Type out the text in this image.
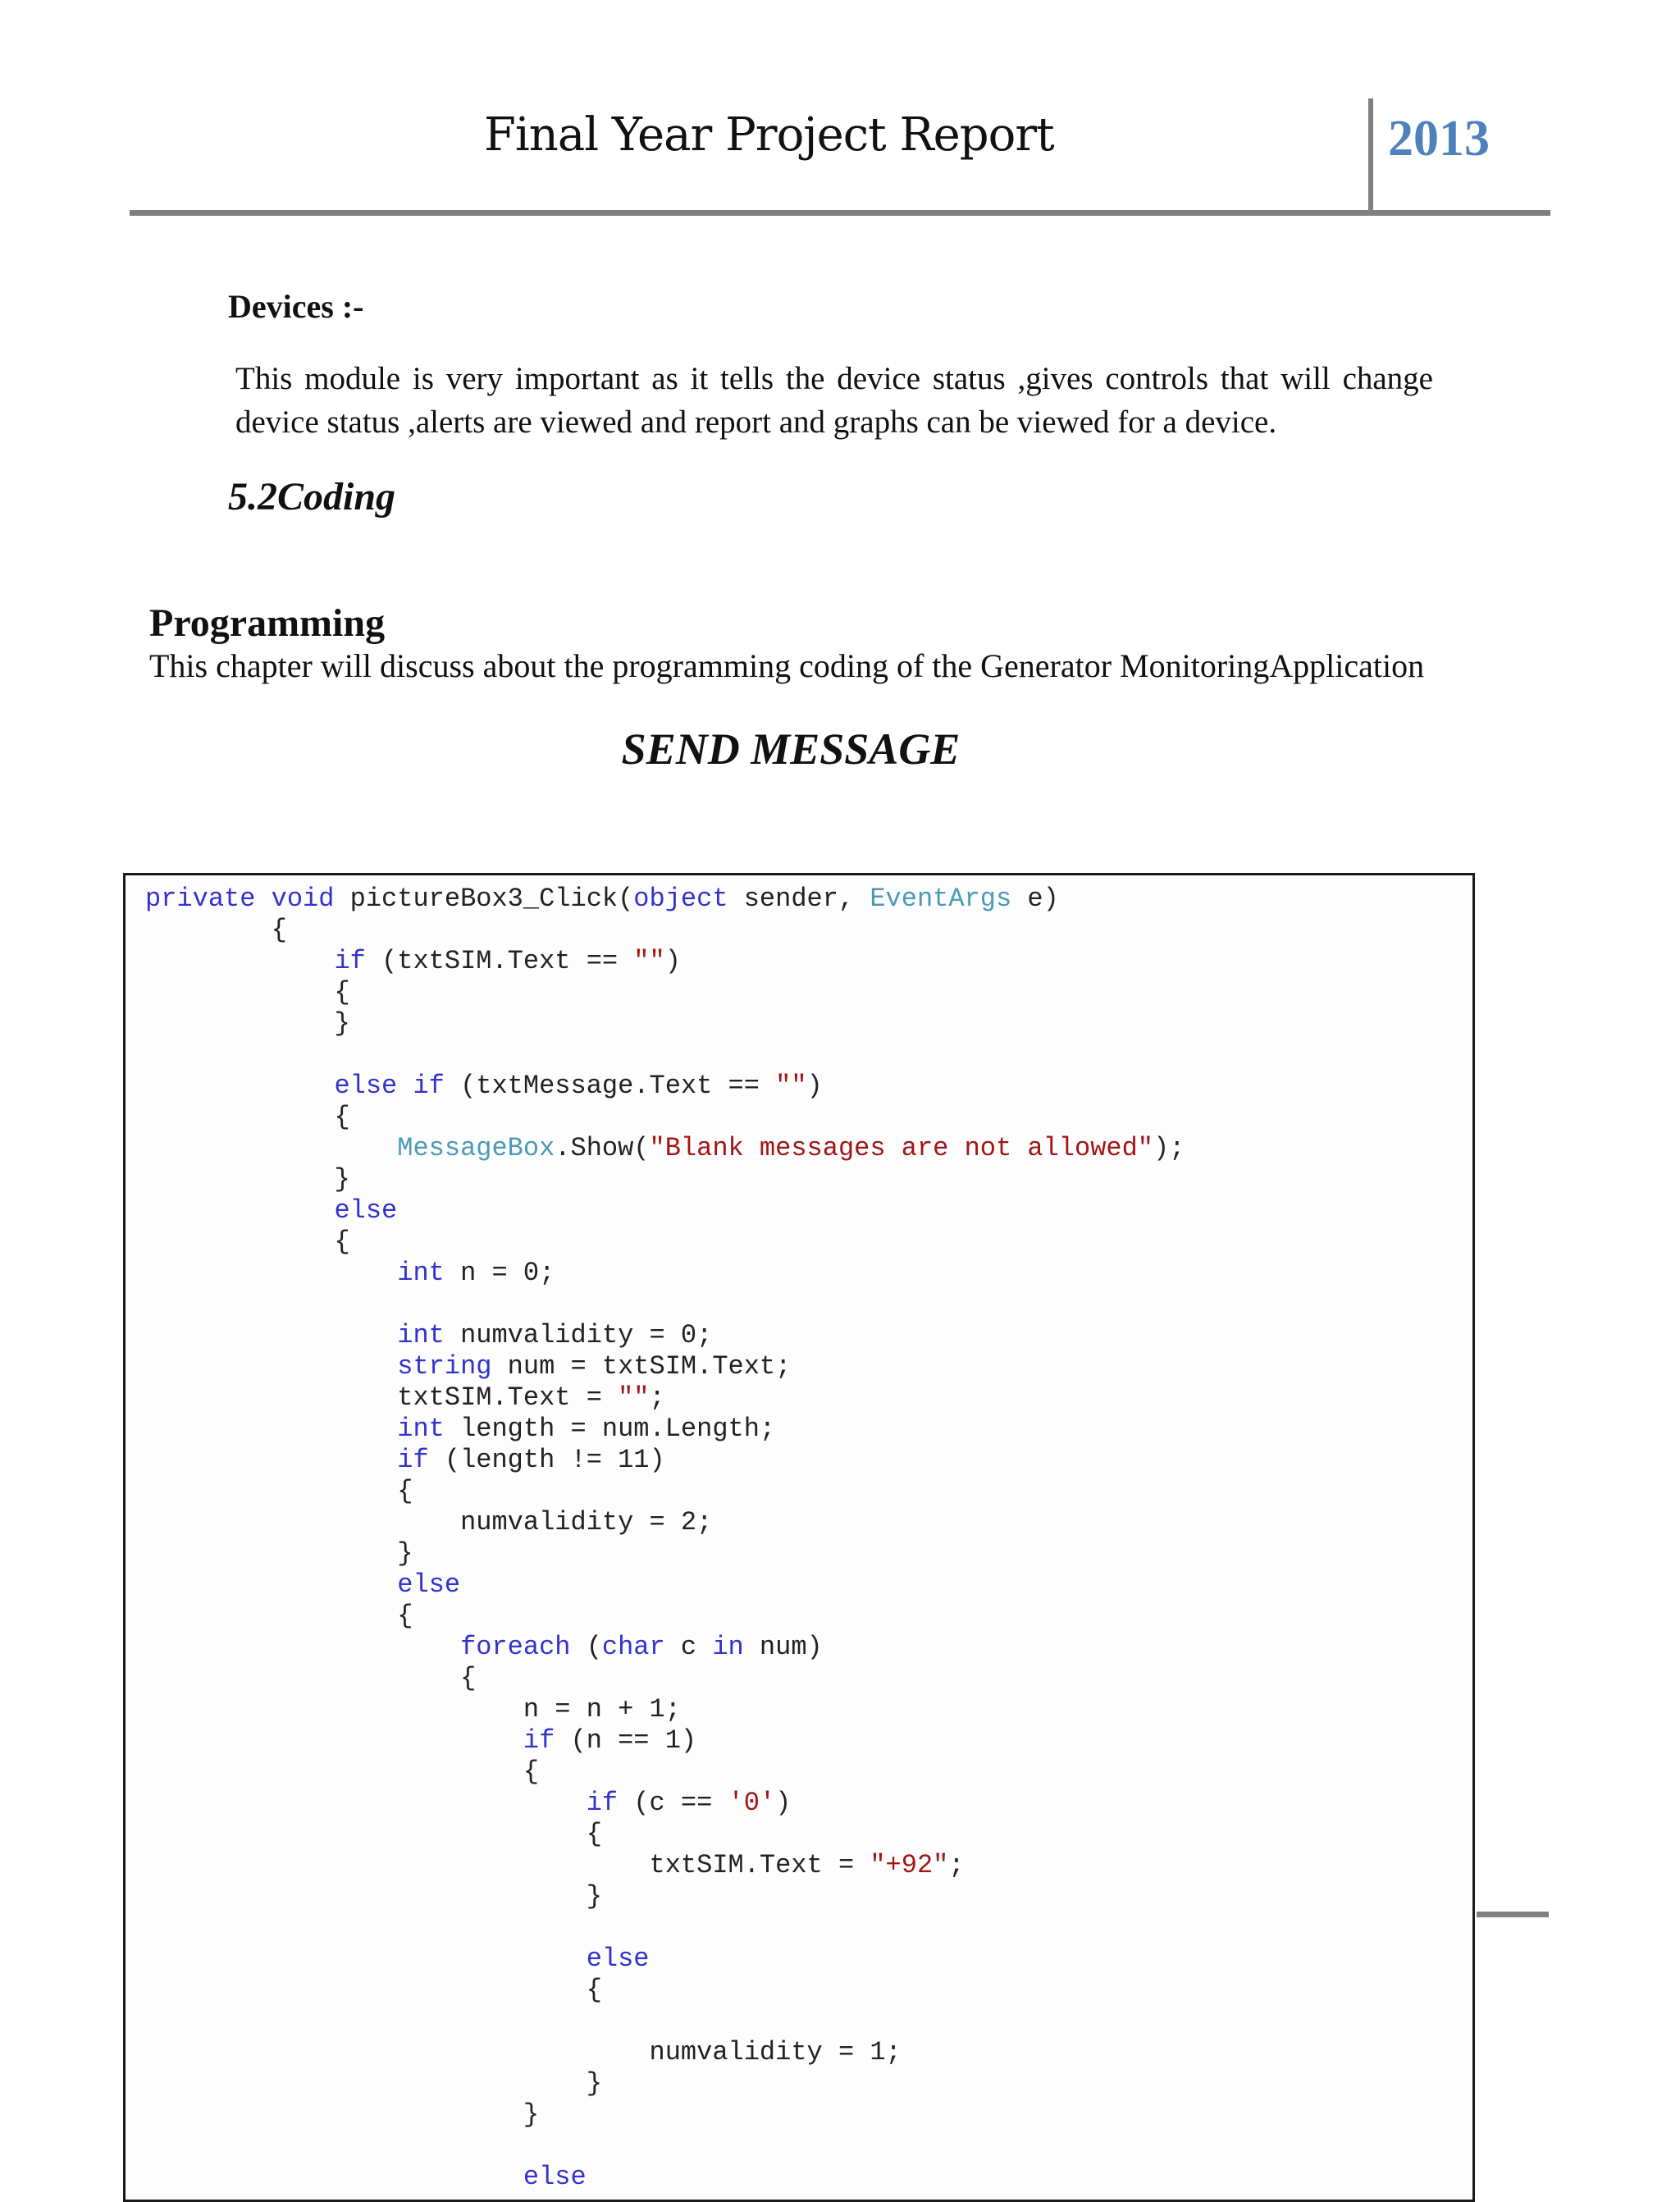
Final Year Project Report	2013
Devices :-
This module is very important as it tells the device status ,gives controls that will change device status ,alerts are viewed and report and graphs can be viewed for a device.
5.2Coding
Programming
This chapter will discuss about the programming coding of the Generator MonitoringApplication
SEND MESSAGE
private void pictureBox3_Click(object sender, EventArgs e)
{
if (txtSIM.Text == "")
{
}
else if (txtMessage.Text == "")
{
MessageBox.Show("Blank messages are not allowed");
}
else
{
int n = 0;
int numvalidity = 0;
string num = txtSIM.Text;
txtSIM.Text = "";
int length = num.Length;
if (length != 11)
{
numvalidity = 2;
}
else
{
foreach (char c in num)
{
n = n + 1;
if (n == 1)
{
if (c == '0')
{
txtSIM.Text = "+92";
}
else
{
numvalidity = 1;
}
}
else
